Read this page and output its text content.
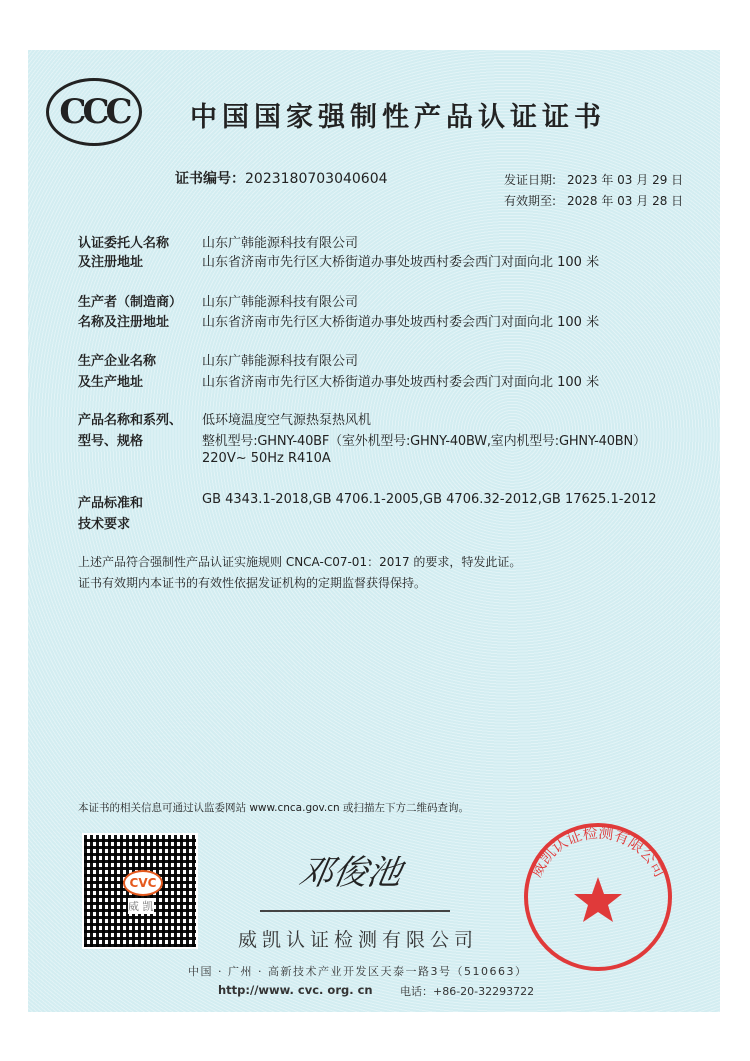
CCC	中国国家强制性产品认证证书
证书编号：2023180703040604	发证日期: 2023 年 03 月 29 日
有效期至: 2028 年 03 月 28 日
认证委托人名称
及注册地址
山东广韩能源科技有限公司
山东省济南市先行区大桥街道办事处坡西村委会西门对面向北 100 米
生产者（制造商）
名称及注册地址
山东广韩能源科技有限公司
山东省济南市先行区大桥街道办事处坡西村委会西门对面向北 100 米
生产企业名称
及生产地址
山东广韩能源科技有限公司
山东省济南市先行区大桥街道办事处坡西村委会西门对面向北 100 米
产品名称和系列、
型号、规格
低环境温度空气源热泵热风机
整机型号:GHNY-40BF（室外机型号:GHNY-40BW,室内机型号:GHNY-40BN）
220V~ 50Hz R410A
产品标准和
技术要求
GB 4343.1-2018,GB 4706.1-2005,GB 4706.32-2012,GB 17625.1-2012
上述产品符合强制性产品认证实施规则 CNCA-C07-01：2017 的要求，特发此证。
证书有效期内本证书的有效性依据发证机构的定期监督获得保持。
本证书的相关信息可通过认监委网站 www.cnca.gov.cn 或扫描左下方二维码查询。
CVC
威 凯
邓俊池
威凯认证检测有限公司
中国 · 广州 · 高新技术产业开发区天泰一路3号（510663）
http://www. cvc. org. cn 电话：+86-20-32293722
威凯认证检测有限公司
